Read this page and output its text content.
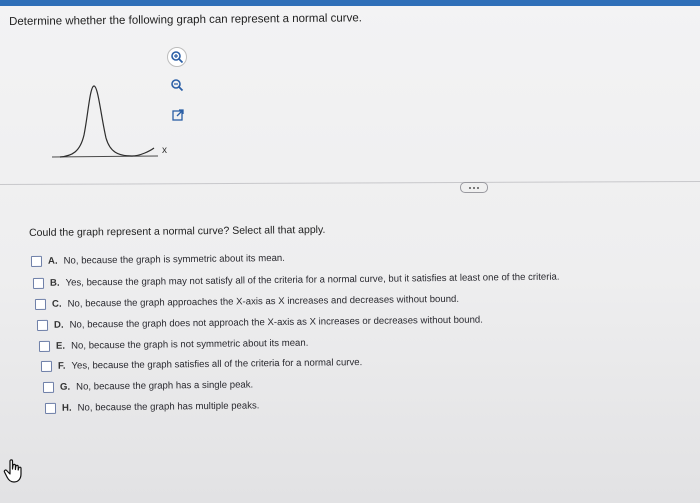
Determine whether the following graph can represent a normal curve.
x
Could the graph represent a normal curve? Select all that apply.
A. No, because the graph is symmetric about its mean.
B. Yes, because the graph may not satisfy all of the criteria for a normal curve, but it satisfies at least one of the criteria.
C. No, because the graph approaches the X-axis as X increases and decreases without bound.
D. No, because the graph does not approach the X-axis as X increases or decreases without bound.
E. No, because the graph is not symmetric about its mean.
F. Yes, because the graph satisfies all of the criteria for a normal curve.
G. No, because the graph has a single peak.
H. No, because the graph has multiple peaks.
